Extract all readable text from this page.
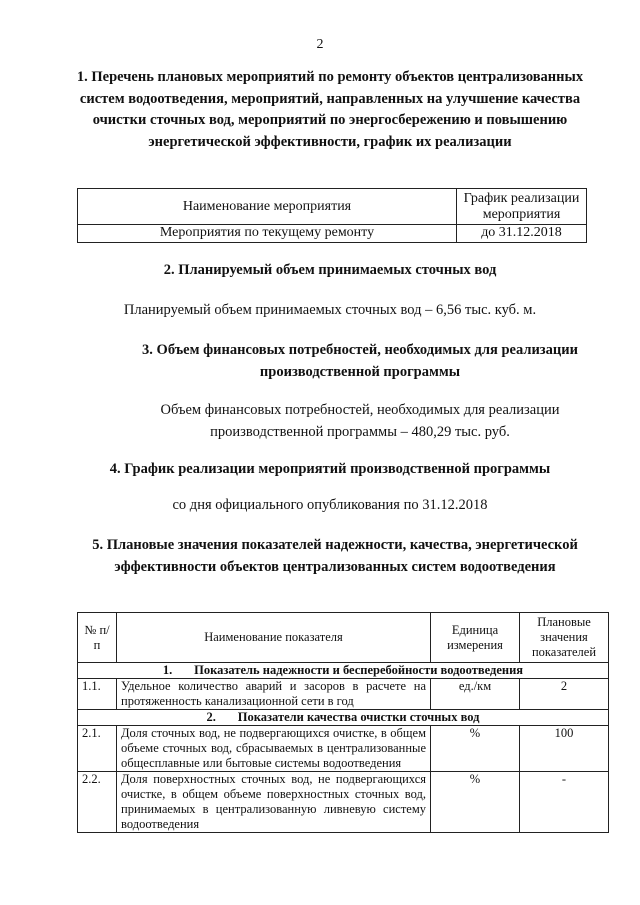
2
1. Перечень плановых мероприятий по ремонту объектов централизованных систем водоотведения, мероприятий, направленных на улучшение качества очистки сточных вод, мероприятий по энергосбережению и повышению энергетической эффективности, график их реализации
Наименование мероприятия	График реализации мероприятия
Мероприятия по текущему ремонту	до 31.12.2018
2. Планируемый объем принимаемых сточных вод
Планируемый объем принимаемых сточных вод – 6,56 тыс. куб. м.
3. Объем финансовых потребностей, необходимых для реализации производственной программы
Объем финансовых потребностей, необходимых для реализации производственной программы – 480,29 тыс. руб.
4. График реализации мероприятий производственной программы
со дня официального опубликования по 31.12.2018
5. Плановые значения показателей надежности, качества, энергетической эффективности объектов централизованных систем водоотведения
№ п/п	Наименование показателя	Единица измерения	Плановые значения показателей
1. Показатель надежности и бесперебойности водоотведения			
1.1.	Удельное количество аварий и засоров в расчете на протяженность канализационной сети в год	ед./км	2
2. Показатели качества очистки сточных вод			
2.1.	Доля сточных вод, не подвергающихся очистке, в общем объеме сточных вод, сбрасываемых в централизованные общесплавные или бытовые системы водоотведения	%	100
2.2.	Доля поверхностных сточных вод, не подвергающихся очистке, в общем объеме поверхностных сточных вод, принимаемых в централизованную ливневую систему водоотведения	%	-
